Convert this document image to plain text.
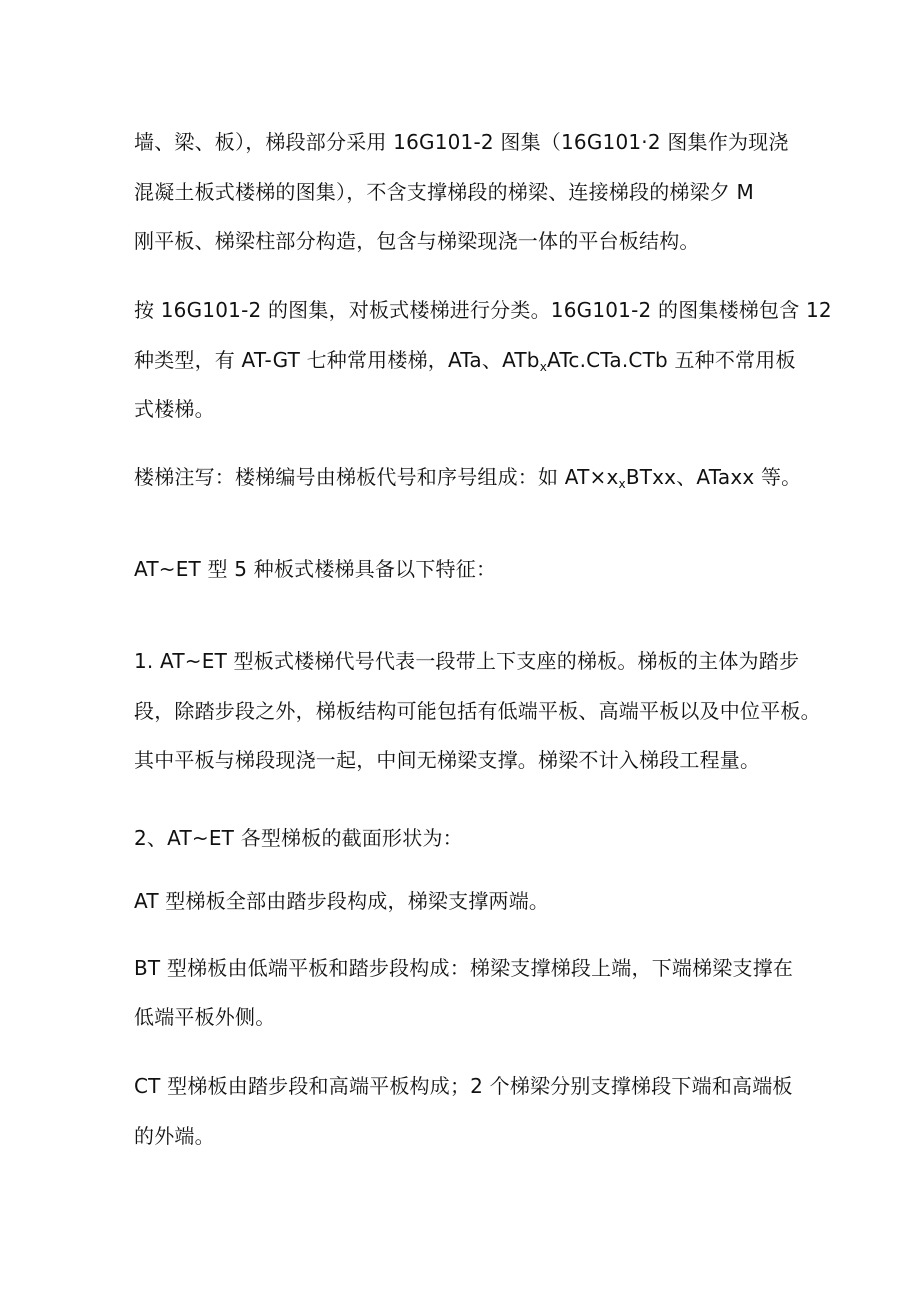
墙、梁、板），梯段部分采用 16G101-2 图集（16G101·2 图集作为现浇
混凝土板式楼梯的图集），不含支撑梯段的梯梁、连接梯段的梯梁夕 M
刚平板、梯梁柱部分构造，包含与梯梁现浇一体的平台板结构。
按 16G101-2 的图集，对板式楼梯进行分类。16G101-2 的图集楼梯包含 12
种类型，有 AT-GT 七种常用楼梯，ATa、ATb$_x$ATc.CTa.CTb 五种不常用板
式楼梯。
楼梯注写：楼梯编号由梯板代号和序号组成：如 $AT\times x_xBTxx$、ATaxx 等。
AT~ET 型 5 种板式楼梯具备以下特征：
1. AT~ET 型板式楼梯代号代表一段带上下支座的梯板。梯板的主体为踏步
段，除踏步段之外，梯板结构可能包括有低端平板、高端平板以及中位平板。
其中平板与梯段现浇一起，中间无梯梁支撑。梯梁不计入梯段工程量。
2、AT~ET 各型梯板的截面形状为：
AT 型梯板全部由踏步段构成，梯梁支撑两端。
BT 型梯板由低端平板和踏步段构成：梯梁支撑梯段上端，下端梯梁支撑在
低端平板外侧。
CT 型梯板由踏步段和高端平板构成；2 个梯梁分别支撑梯段下端和高端板
的外端。
